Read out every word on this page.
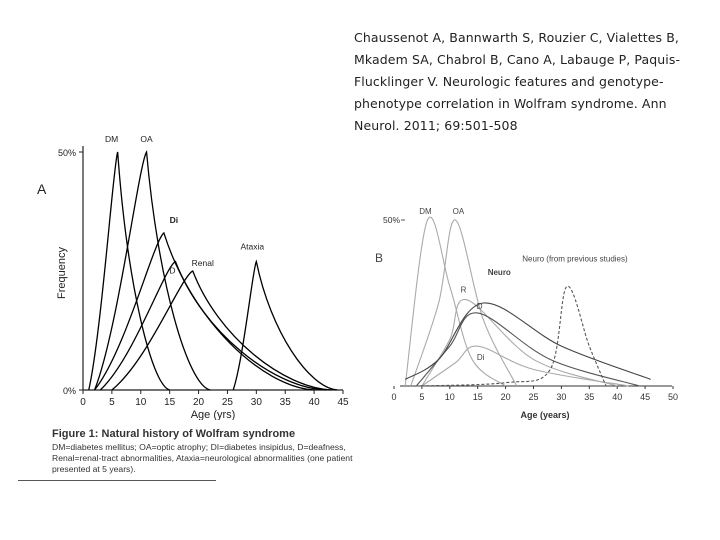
Chaussenot A, Bannwarth S, Rouzier C, Vialettes B, Mkadem SA, Chabrol B, Cano A, Labauge P, Paquis-Flucklinger V. Neurologic features and genotype-phenotype correlation in Wolfram syndrome. Ann Neurol. 2011; 69:501-508
A
Frequency
0%
50%
0 5 10 15 20 25 30 35 40 45
DM	OA
Di
D
Renal
Ataxia
Age (yrs)
B
50%
0	5 10 15 20 25 30 35 40 45 50
DM	OA
R
D
Di
Neuro
Neuro (from previous studies)
Age (years)
Figure 1: Natural history of Wolfram syndrome
DM=diabetes mellitus; OA=optic atrophy; DI=diabetes insipidus, D=deafness, Renal=renal-tract abnormalities, Ataxia=neurological abnormalities (one patient presented at 5 years).
